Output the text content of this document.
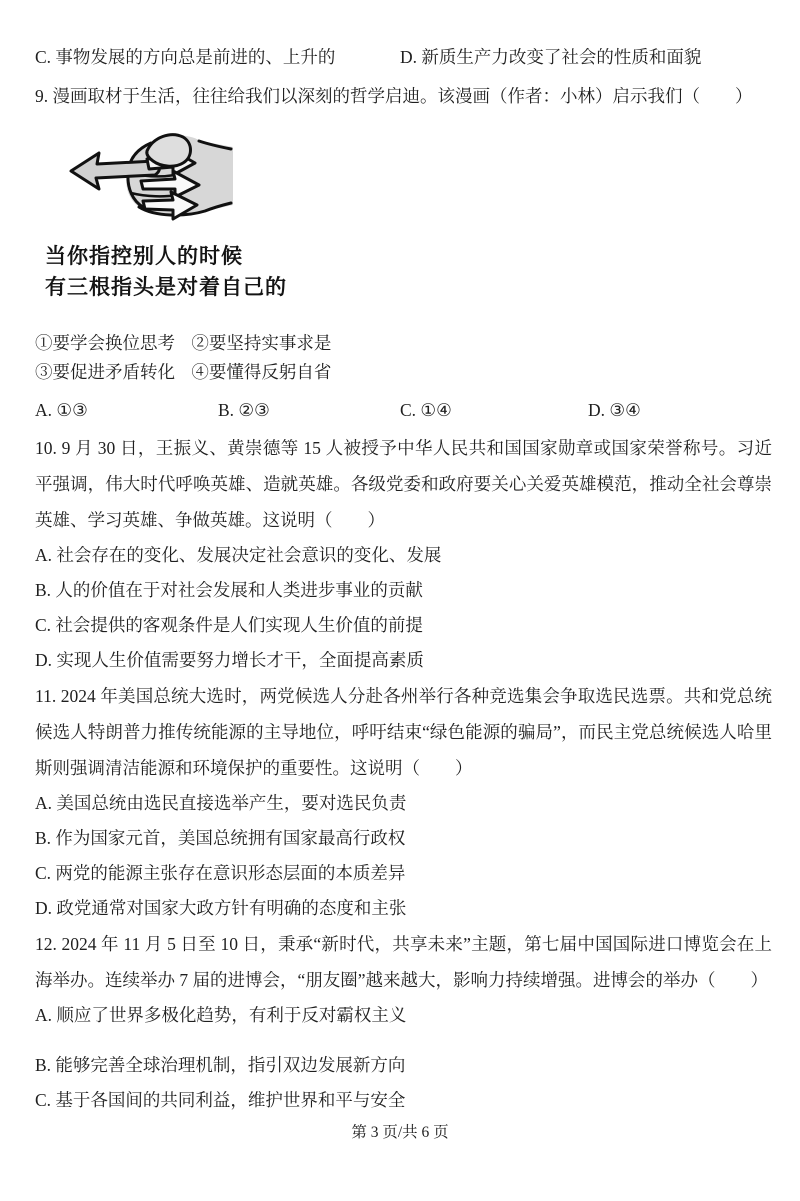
C. 事物发展的方向总是前进的、上升的	D. 新质生产力改变了社会的性质和面貌

9. 漫画取材于生活，往往给我们以深刻的哲学启迪。该漫画（作者：小林）启示我们（　　）

当你指控别人的时候
有三根指头是对着自己的
①要学会换位思考 ②要坚持实事求是
③要促进矛盾转化 ④要懂得反躬自省
A. ①③	B. ②③	C. ①④	D. ③④

10. 9 月 30 日，王振义、黄崇德等 15 人被授予中华人民共和国国家勋章或国家荣誉称号。习近平强调，伟大时代呼唤英雄、造就英雄。各级党委和政府要关心关爱英雄模范，推动全社会尊崇英雄、学习英雄、争做英雄。这说明（　　）

A. 社会存在的变化、发展决定社会意识的变化、发展

B. 人的价值在于对社会发展和人类进步事业的贡献

C. 社会提供的客观条件是人们实现人生价值的前提

D. 实现人生价值需要努力增长才干，全面提高素质

11. 2024 年美国总统大选时，两党候选人分赴各州举行各种竞选集会争取选民选票。共和党总统候选人特朗普力推传统能源的主导地位，呼吁结束“绿色能源的骗局”，而民主党总统候选人哈里斯则强调清洁能源和环境保护的重要性。这说明（　　）

A. 美国总统由选民直接选举产生，要对选民负责

B. 作为国家元首，美国总统拥有国家最高行政权

C. 两党的能源主张存在意识形态层面的本质差异

D. 政党通常对国家大政方针有明确的态度和主张

12. 2024 年 11 月 5 日至 10 日，秉承“新时代，共享未来”主题，第七届中国国际进口博览会在上海举办。连续举办 7 届的进博会，“朋友圈”越来越大，影响力持续增强。进博会的举办（　　）

A. 顺应了世界多极化趋势，有利于反对霸权主义

B. 能够完善全球治理机制，指引双边发展新方向

C. 基于各国间的共同利益，维护世界和平与安全

第 3 页/共 6 页
